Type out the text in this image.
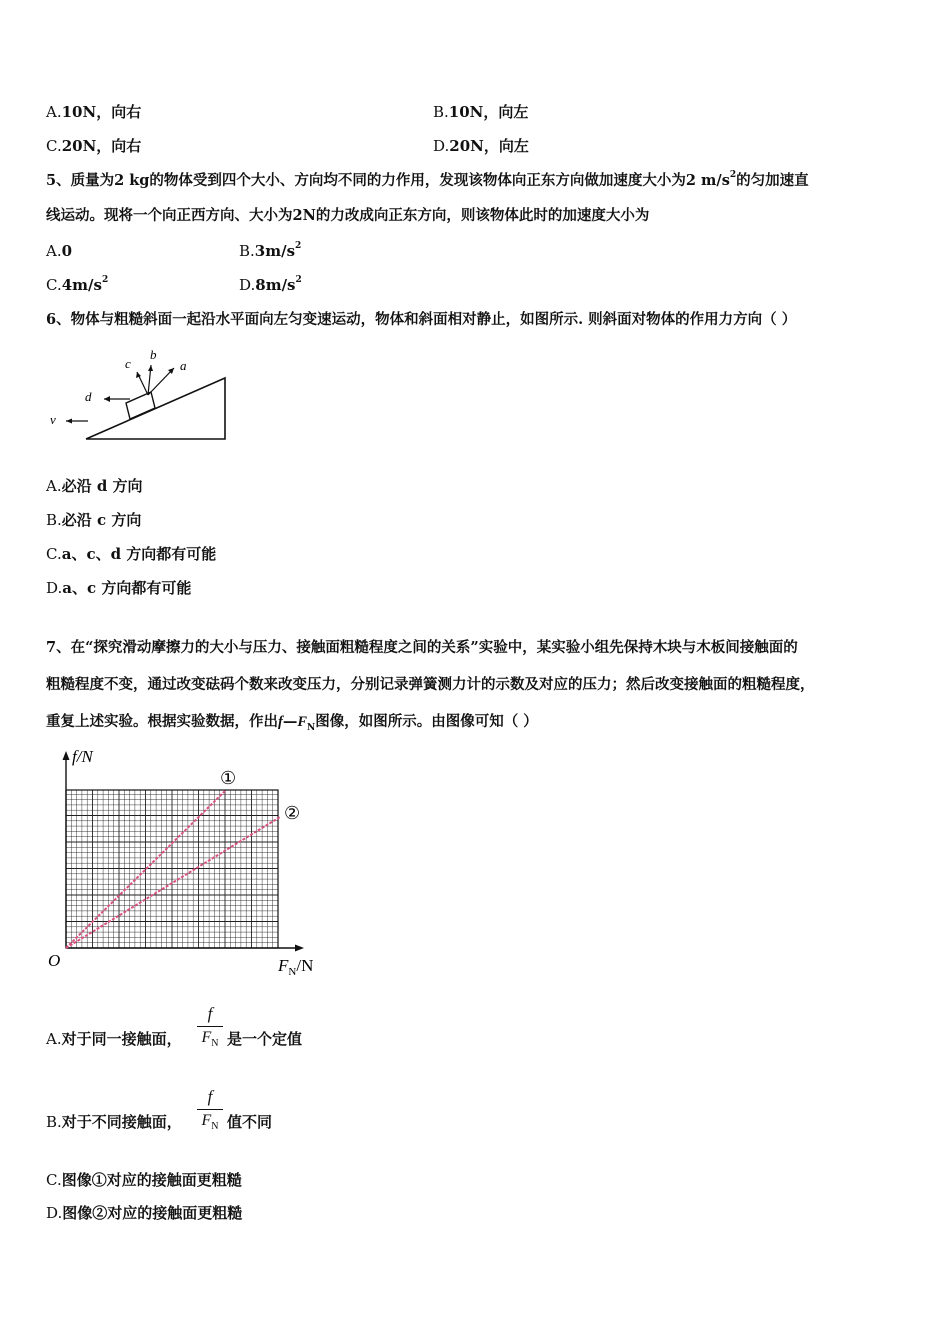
A.10N，向右	B.10N，向左
C.20N，向右	D.20N，向左
5、质量为2 kg的物体受到四个大小、方向均不同的力作用，发现该物体向正东方向做加速度大小为2 $m/s^2$的匀加速直
线运动。现将一个向正西方向、大小为2N的力改成向正东方向，则该物体此时的加速度大小为
A.0	$B.3m/s^2$
$C.4m/s^2$	$D.8m/s^2$
6、物体与粗糙斜面一起沿水平面向左匀变速运动，物体和斜面相对静止，如图所示. 则斜面对物体的作用力方向（ ）
a
b
c
d
v
A.必沿 d 方向
B.必沿 c 方向
C.a、c、d 方向都有可能
D.a、c 方向都有可能
7、在“探究滑动摩擦力的大小与压力、接触面粗糙程度之间的关系”实验中，某实验小组先保持木块与木板间接触面的
粗糙程度不变，通过改变砝码个数来改变压力，分别记录弹簧测力计的示数及对应的压力；然后改变接触面的粗糙程度，
重复上述实验。根据实验数据，作出$f—F_N$图像，如图所示。由图像可知（ ）
f/N
O	$F_N/N$
①
②
A.对于同一接触面，
f
$F_N$ 是一个定值
B.对于不同接触面，
f
$F_N$ 值不同
C.图像①对应的接触面更粗糙
D.图像②对应的接触面更粗糙
